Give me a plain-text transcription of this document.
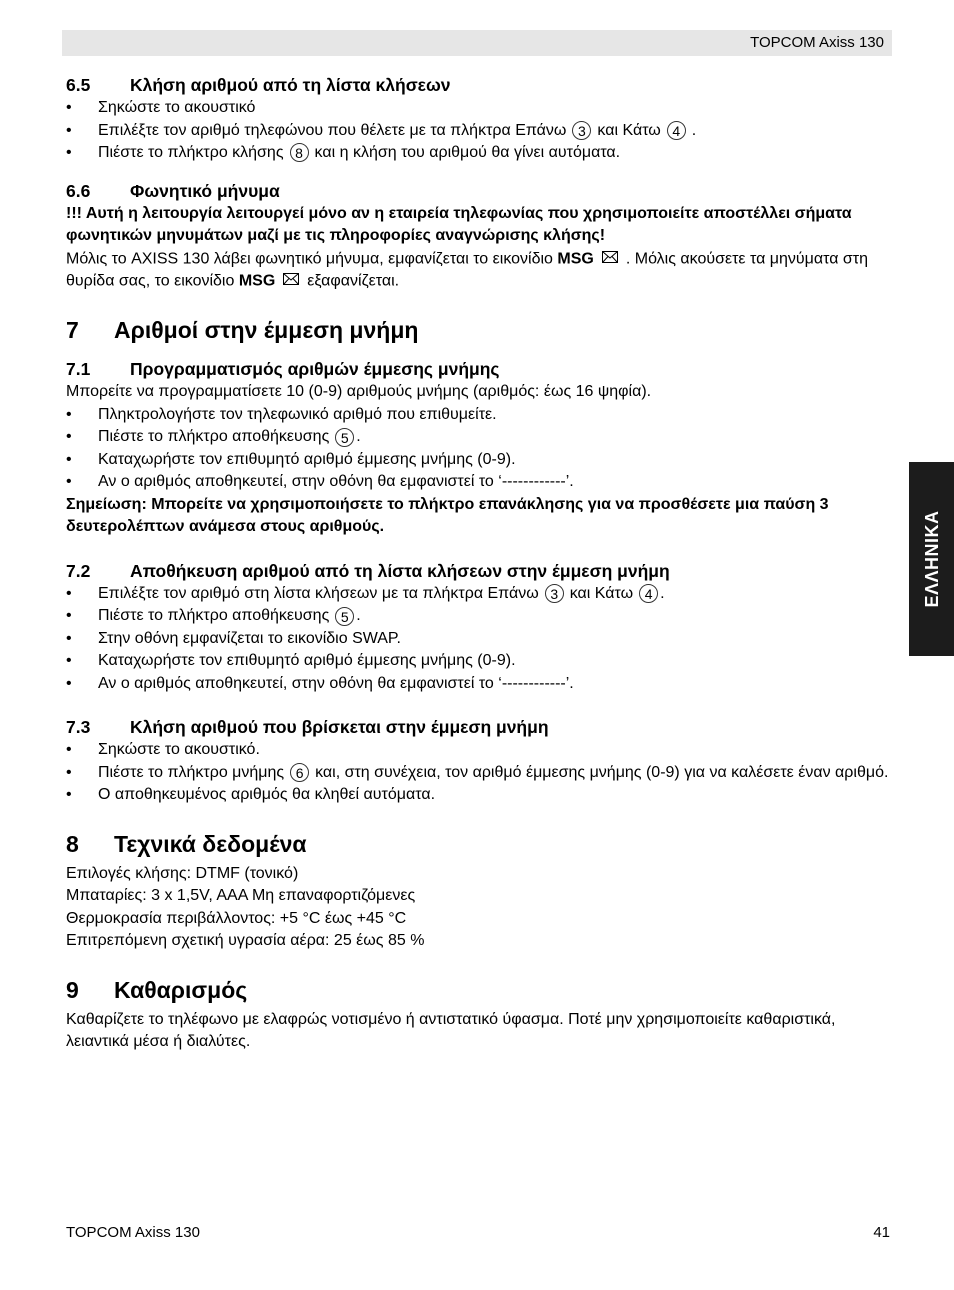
TOPCOM Axiss 130
ΕΛΛΗΝΙΚΑ
6.5	Κλήση αριθμού από τη λίστα κλήσεων
• Σηκώστε το ακουστικό
• Επιλέξτε τον αριθμό τηλεφώνου που θέλετε με τα πλήκτρα Επάνω 3 και Κάτω 4 .
• Πιέστε το πλήκτρο κλήσης 8 και η κλήση του αριθμού θα γίνει αυτόματα.
6.6	Φωνητικό μήνυμα

!!! Αυτή η λειτουργία λειτουργεί μόνο αν η εταιρεία τηλεφωνίας που χρησιμοποιείτε αποστέλλει σήματα φωνητικών μηνυμάτων μαζί με τις πληροφορίες αναγνώρισης κλήσης!

Μόλις το AXISS 130 λάβει φωνητικό μήνυμα, εμφανίζεται το εικονίδιο MSG . Μόλις ακούσετε τα μηνύματα στη θυρίδα σας, το εικονίδιο MSG εξαφανίζεται.

7	Αριθμοί στην έμμεση μνήμη
7.1	Προγραμματισμός αριθμών έμμεσης μνήμης

Μπορείτε να προγραμματίσετε 10 (0-9) αριθμούς μνήμης (αριθμός: έως 16 ψηφία).

• Πληκτρολογήστε τον τηλεφωνικό αριθμό που επιθυμείτε.
• Πιέστε το πλήκτρο αποθήκευσης 5 .
• Καταχωρήστε τον επιθυμητό αριθμό έμμεσης μνήμης (0-9).
• Αν ο αριθμός αποθηκευτεί, στην οθόνη θα εμφανιστεί το ‘------------’.

Σημείωση: Μπορείτε να χρησιμοποιήσετε το πλήκτρο επανάκλησης για να προσθέσετε μια παύση 3 δευτερολέπτων ανάμεσα στους αριθμούς.

7.2	Αποθήκευση αριθμού από τη λίστα κλήσεων στην έμμεση μνήμη
• Επιλέξτε τον αριθμό στη λίστα κλήσεων με τα πλήκτρα Επάνω 3 και Κάτω 4 .
• Πιέστε το πλήκτρο αποθήκευσης 5 .
• Στην οθόνη εμφανίζεται το εικονίδιο SWAP.
• Καταχωρήστε τον επιθυμητό αριθμό έμμεσης μνήμης (0-9).
• Αν ο αριθμός αποθηκευτεί, στην οθόνη θα εμφανιστεί το ‘------------’.
7.3	Κλήση αριθμού που βρίσκεται στην έμμεση μνήμη
• Σηκώστε το ακουστικό.
• Πιέστε το πλήκτρο μνήμης 6 και, στη συνέχεια, τον αριθμό έμμεσης μνήμης (0-9) για να καλέσετε έναν αριθμό.
• Ο αποθηκευμένος αριθμός θα κληθεί αυτόματα.
8	Τεχνικά δεδομένα

Επιλογές κλήσης: DTMF (τονικό)

Μπαταρίες: 3 x 1,5V, AAA Mη επαναφορτιζόμενες

Θερμοκρασία περιβάλλοντος: +5 °C έως +45 °C

Επιτρεπόμενη σχετική υγρασία αέρα: 25 έως 85 %

9	Καθαρισμός

Καθαρίζετε το τηλέφωνο με ελαφρώς νοτισμένο ή αντιστατικό ύφασμα. Ποτέ μην χρησιμοποιείτε καθαριστικά, λειαντικά μέσα ή διαλύτες.

TOPCOM Axiss 130	41
